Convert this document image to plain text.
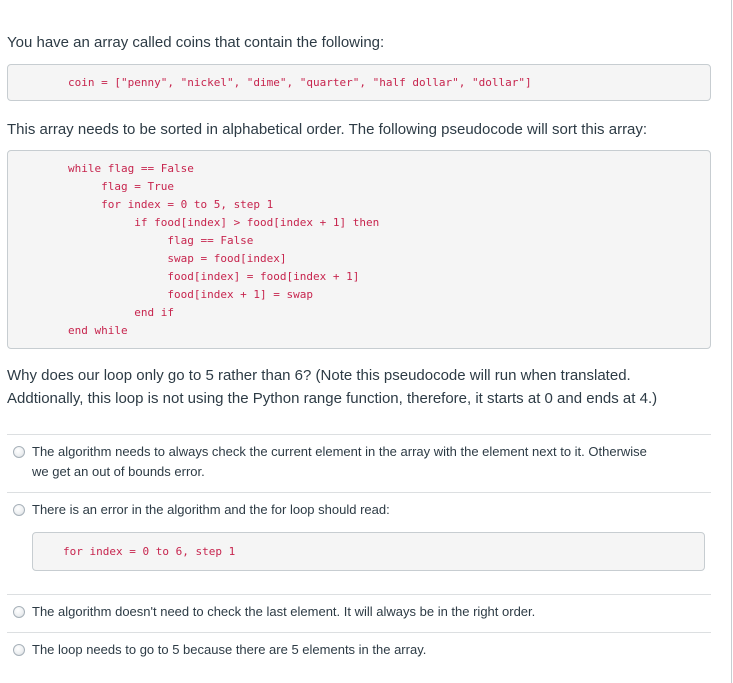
You have an array called coins that contain the following:
coin = ["penny", "nickel", "dime", "quarter", "half dollar", "dollar"]
This array needs to be sorted in alphabetical order. The following pseudocode will sort this array:
while flag == False
flag = True
for index = 0 to 5, step 1
if food[index] > food[index + 1] then
flag == False
swap = food[index]
food[index] = food[index + 1]
food[index + 1] = swap
end if
end while
Why does our loop only go to 5 rather than 6? (Note this pseudocode will run when translated.
Addtionally, this loop is not using the Python range function, therefore, it starts at 0 and ends at 4.)
The algorithm needs to always check the current element in the array with the element next to it. Otherwise
we get an out of bounds error.
There is an error in the algorithm and the for loop should read:
for index = 0 to 6, step 1
The algorithm doesn't need to check the last element. It will always be in the right order.
The loop needs to go to 5 because there are 5 elements in the array.
